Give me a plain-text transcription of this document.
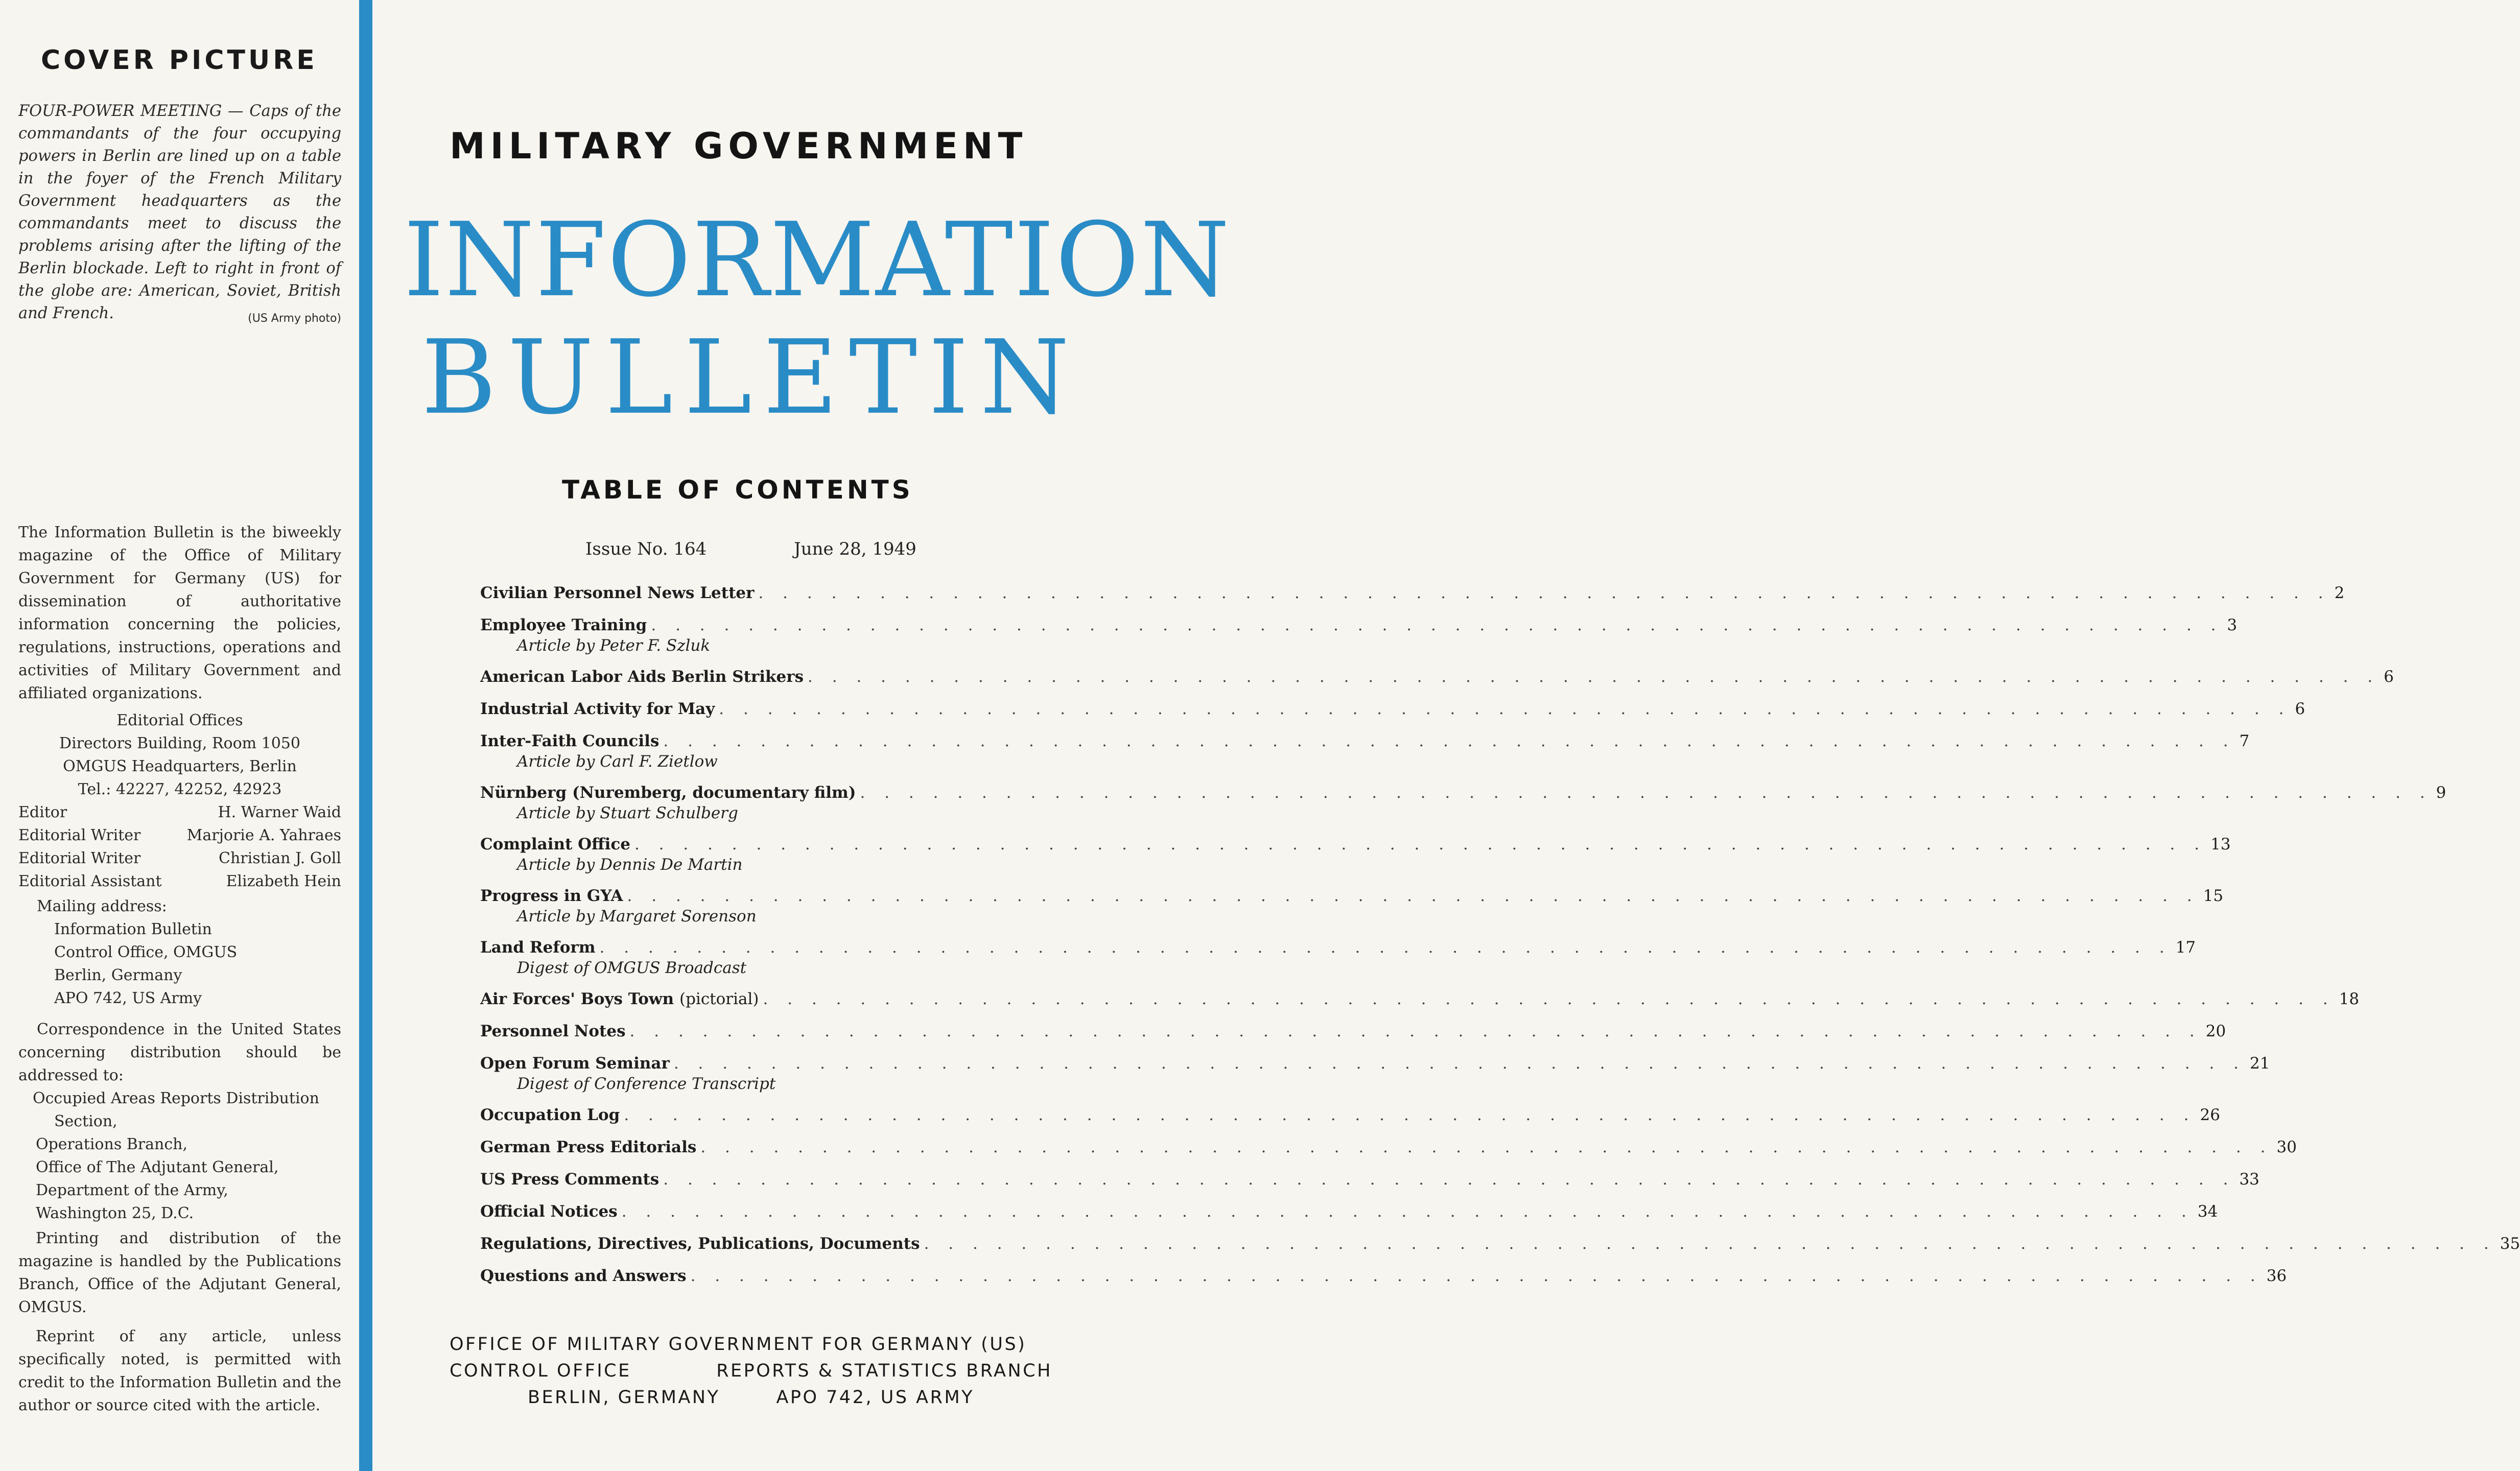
COVER PICTURE
FOUR-POWER MEETING — Caps of the commandants of the four occupying powers in Berlin are lined up on a table in the foyer of the French Military Government headquarters as the commandants meet to discuss the problems arising after the lifting of the Berlin blockade. Left to right in front of the globe are: American, Soviet, British and French.	(US Army photo)
The Information Bulletin is the biweekly magazine of the Office of Military Government for Germany (US) for dissemination of authoritative information concerning the policies, regulations, instructions, operations and activities of Military Government and affiliated organizations.
Editorial Offices
Directors Building, Room 1050
OMGUS Headquarters, Berlin
Tel.: 42227, 42252, 42923
Editor	H. Warner Waid
Editorial Writer	Marjorie A. Yahraes
Editorial Writer	Christian J. Goll
Editorial Assistant	Elizabeth Hein
Mailing address:
Information Bulletin
Control Office, OMGUS
Berlin, Germany
APO 742, US Army
Correspondence in the United States concerning distribution should be addressed to:
Occupied Areas Reports Distribution
Section,
Operations Branch,
Office of The Adjutant General,
Department of the Army,
Washington 25, D.C.

Printing and distribution of the magazine is handled by the Publications Branch, Office of the Adjutant General, OMGUS.

Reprint of any article, unless specifically noted, is permitted with credit to the Information Bulletin and the author or source cited with the article.

MILITARY GOVERNMENT
INFORMATION
BULLETIN
TABLE OF CONTENTS
Issue No. 164	June 28, 1949
Civilian Personnel News Letter . . .	2
Employee Training . . .	3
Article by Peter F. Szluk
American Labor Aids Berlin Strikers . . .	6
Industrial Activity for May . . .	6
Inter-Faith Councils . . .	7
Article by Carl F. Zietlow
Nürnberg (Nuremberg, documentary film) . . .	9
Article by Stuart Schulberg
Complaint Office . . .	13
Article by Dennis De Martin
Progress in GYA . . .	15
Article by Margaret Sorenson
Land Reform . . .	17
Digest of OMGUS Broadcast
Air Forces' Boys Town (pictorial) . . .	18
Personnel Notes . . .	20
Open Forum Seminar . . .	21
Digest of Conference Transcript
Occupation Log . . .	26
German Press Editorials . . .	30
US Press Comments . . .	33
Official Notices . . .	34
Regulations, Directives, Publications, Documents . . .	35
Questions and Answers . . .	36
OFFICE OF MILITARY GOVERNMENT FOR GERMANY (US)
CONTROL OFFICE	REPORTS & STATISTICS BRANCH
BERLIN, GERMANY	APO 742, US ARMY
